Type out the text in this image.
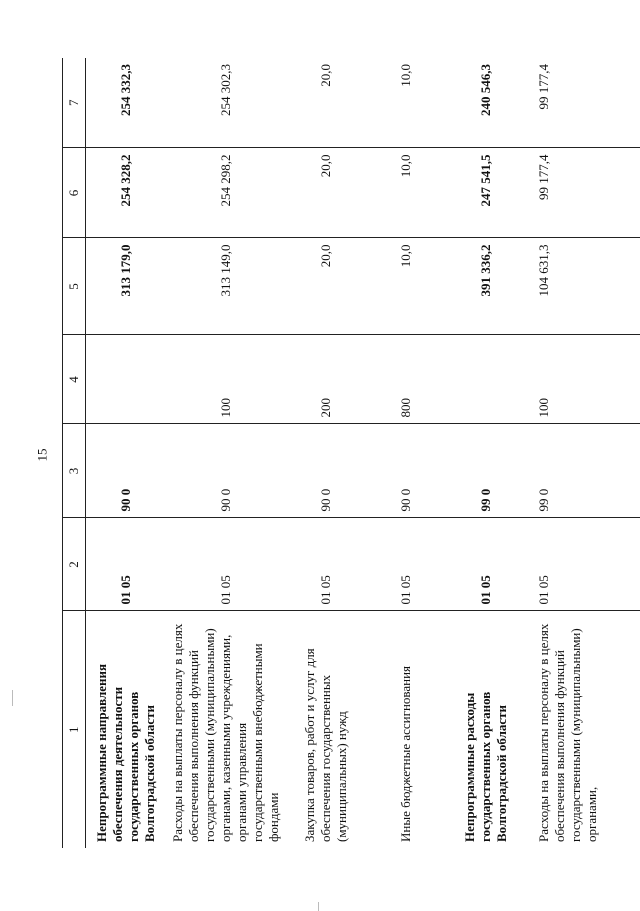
15
1	2	3	4	5	6	7
Непрограммные направления обеспечения деятельности государственных органов Волгоградской области	01 05	90 0		313 179,0	254 328,2	254 332,3
Расходы на выплаты персоналу в целях обеспечения выполнения функций государственными (муниципальными) органами, казенными учреждениями, органами управления государственными внебюджетными фондами	01 05	90 0	100	313 149,0	254 298,2	254 302,3
Закупка товаров, работ и услуг для обеспечения государственных (муниципальных) нужд	01 05	90 0	200	20,0	20,0	20,0
Иные бюджетные ассигнования	01 05	90 0	800	10,0	10,0	10,0
Непрограммные расходы государственных органов Волгоградской области	01 05	99 0		391 336,2	247 541,5	240 546,3
Расходы на выплаты персоналу в целях обеспечения выполнения функций государственными (муниципальными) органами,	01 05	99 0	100	104 631,3	99 177,4	99 177,4
